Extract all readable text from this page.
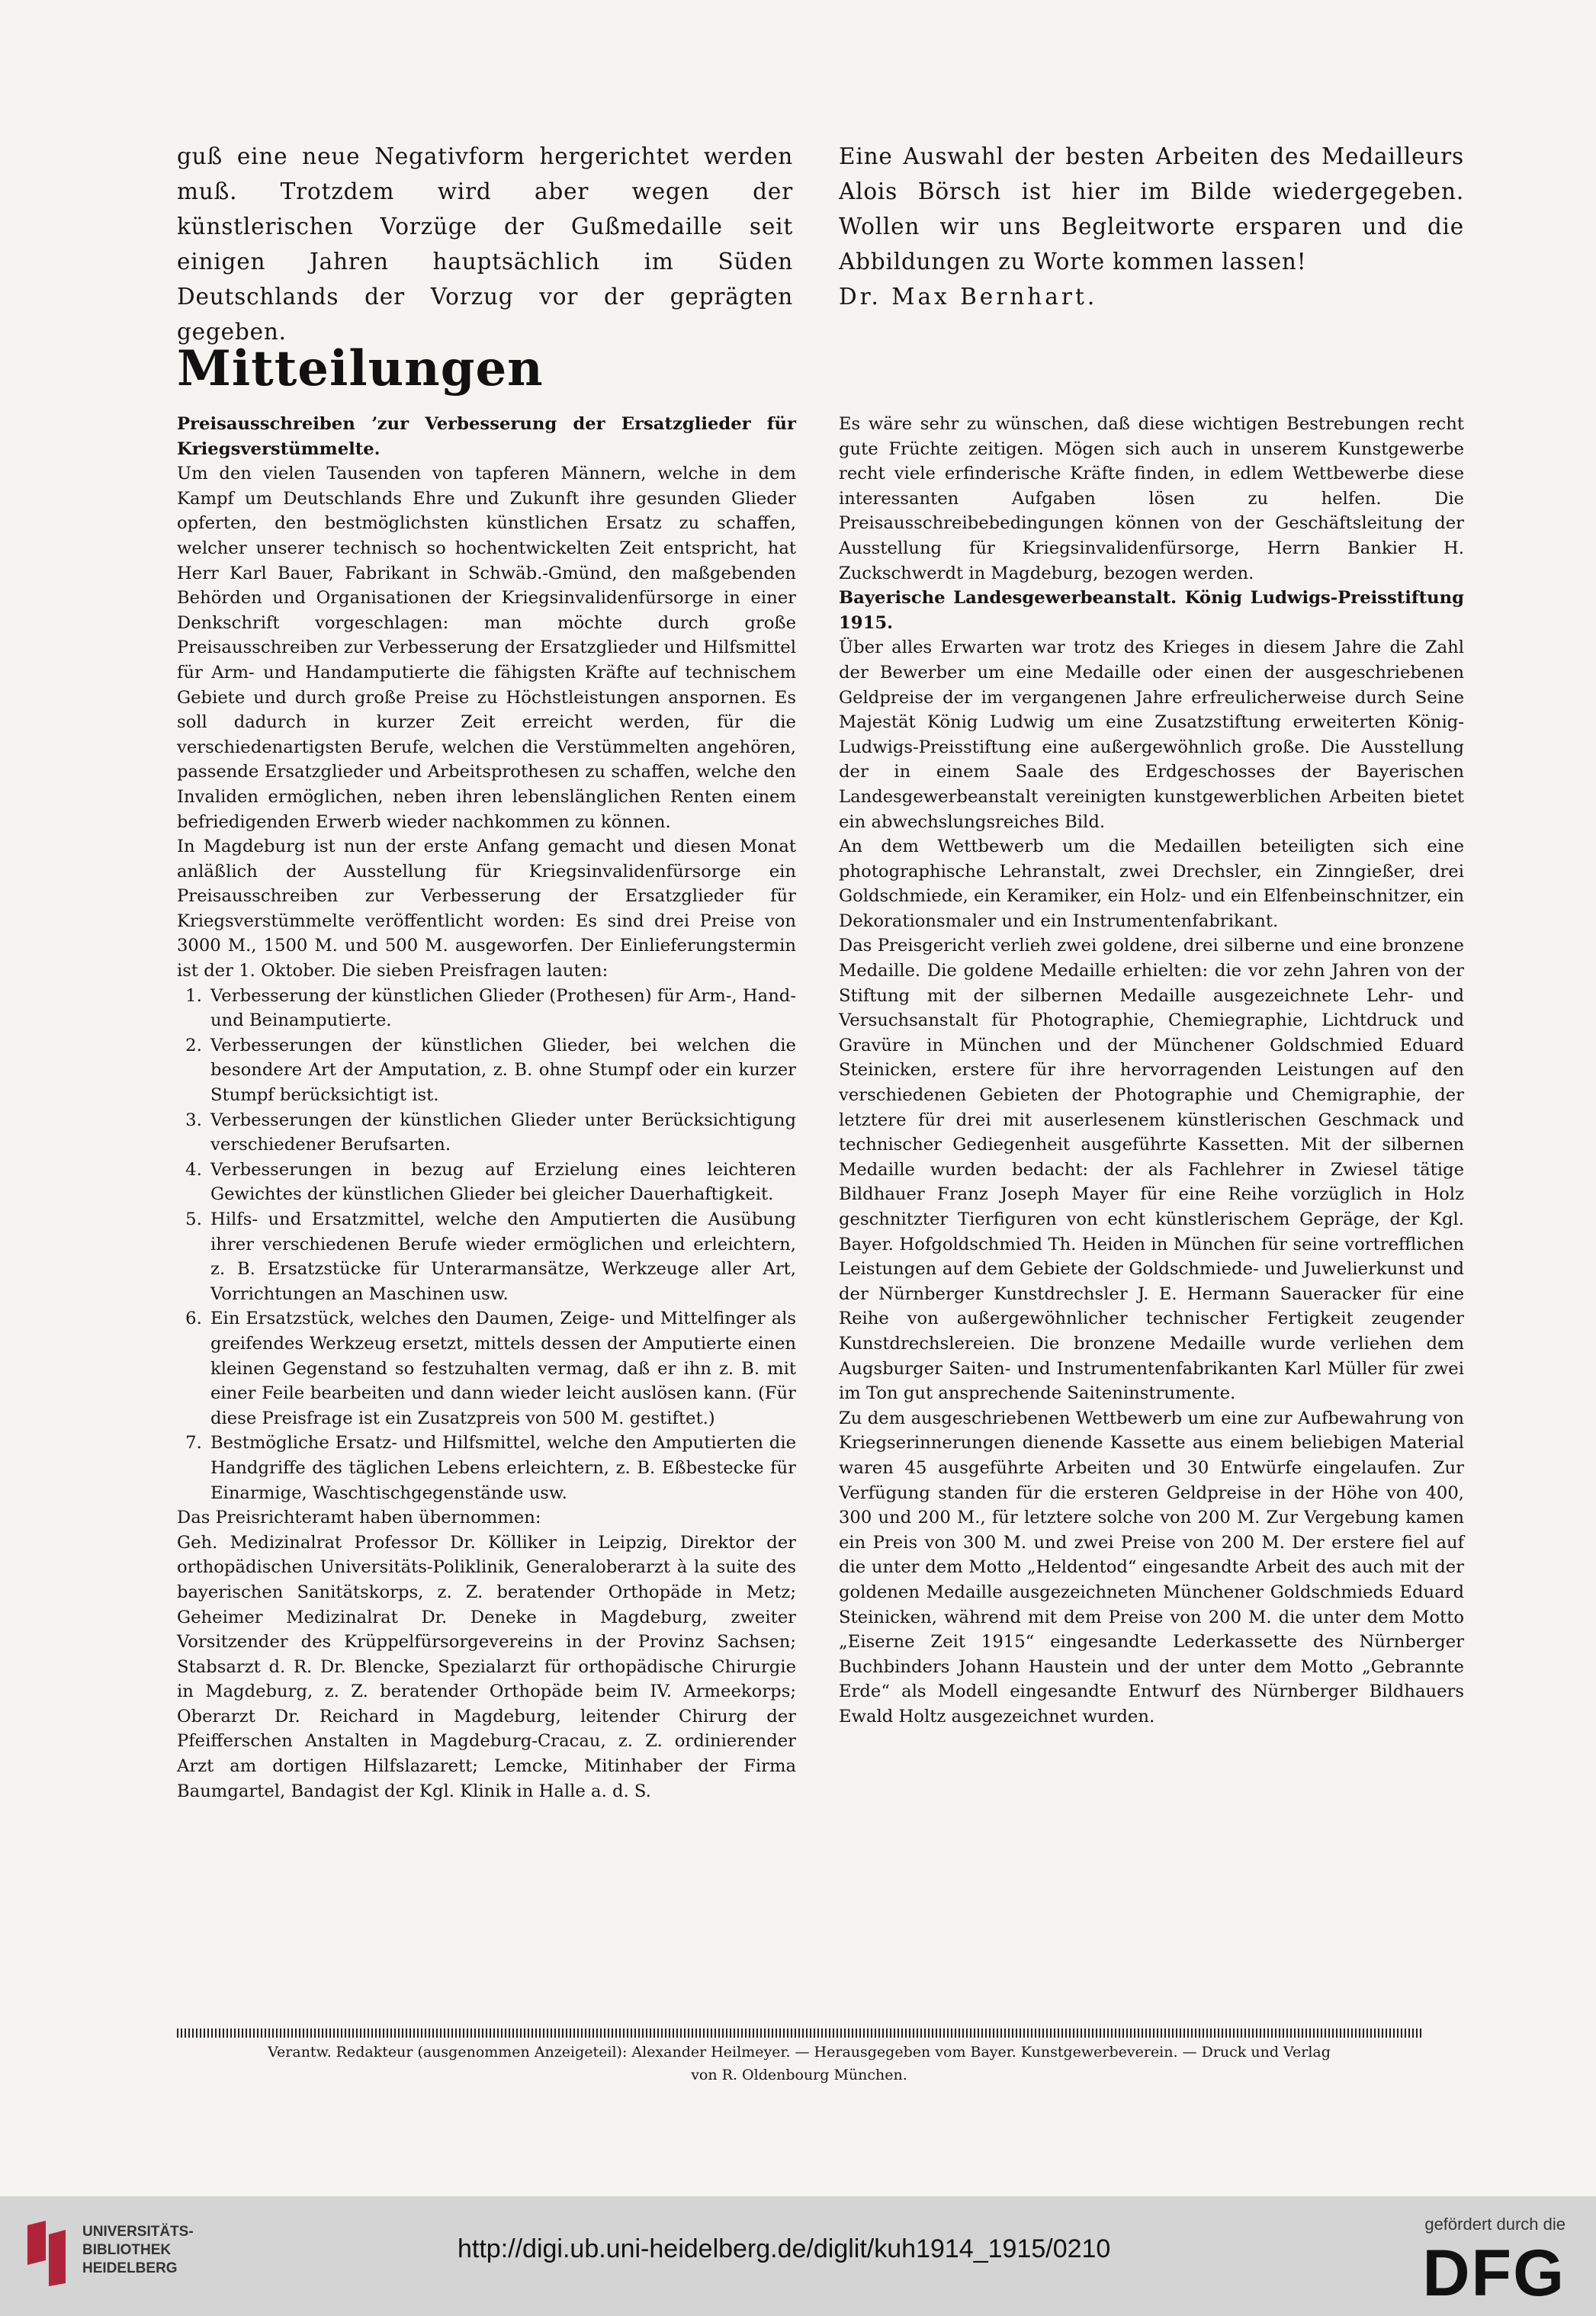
guß eine neue Negativform hergerichtet werden muß. Trotzdem wird aber wegen der künstlerischen Vorzüge der Gußmedaille seit einigen Jahren hauptsächlich im Süden Deutschlands der Vorzug vor der geprägten gegeben.

Eine Auswahl der besten Arbeiten des Medailleurs Alois Börsch ist hier im Bilde wiedergegeben. Wollen wir uns Begleitworte ersparen und die Abbildungen zu Worte kommen lassen!

Dr. Max Bernhart.

Mitteilungen

Preisausschreiben ʼzur Verbesserung der Ersatzglieder für Kriegsverstümmelte.

Um den vielen Tausenden von tapferen Männern, welche in dem Kampf um Deutschlands Ehre und Zukunft ihre gesunden Glieder opferten, den bestmöglichsten künstlichen Ersatz zu schaffen, welcher unserer technisch so hochentwickelten Zeit entspricht, hat Herr Karl Bauer, Fabrikant in Schwäb.-Gmünd, den maßgebenden Behörden und Organisationen der Kriegsinvalidenfürsorge in einer Denkschrift vorgeschlagen: man möchte durch große Preisausschreiben zur Verbesserung der Ersatzglieder und Hilfsmittel für Arm- und Handamputierte die fähigsten Kräfte auf technischem Gebiete und durch große Preise zu Höchstleistungen anspornen. Es soll dadurch in kurzer Zeit erreicht werden, für die verschiedenartigsten Berufe, welchen die Verstümmelten angehören, passende Ersatzglieder und Arbeitsprothesen zu schaffen, welche den Invaliden ermöglichen, neben ihren lebenslänglichen Renten einem befriedigenden Erwerb wieder nachkommen zu können.

In Magdeburg ist nun der erste Anfang gemacht und diesen Monat anläßlich der Ausstellung für Kriegsinvalidenfürsorge ein Preisausschreiben zur Verbesserung der Ersatzglieder für Kriegsverstümmelte veröffentlicht worden: Es sind drei Preise von 3000 M., 1500 M. und 500 M. ausgeworfen. Der Einlieferungstermin ist der 1. Oktober. Die sieben Preisfragen lauten:

1. Verbesserung der künstlichen Glieder (Prothesen) für Arm-, Hand- und Beinamputierte.
2. Verbesserungen der künstlichen Glieder, bei welchen die besondere Art der Amputation, z. B. ohne Stumpf oder ein kurzer Stumpf berücksichtigt ist.
3. Verbesserungen der künstlichen Glieder unter Berücksichtigung verschiedener Berufsarten.
4. Verbesserungen in bezug auf Erzielung eines leichteren Gewichtes der künstlichen Glieder bei gleicher Dauerhaftigkeit.
5. Hilfs- und Ersatzmittel, welche den Amputierten die Ausübung ihrer verschiedenen Berufe wieder ermöglichen und erleichtern, z. B. Ersatzstücke für Unterarmansätze, Werkzeuge aller Art, Vorrichtungen an Maschinen usw.
6. Ein Ersatzstück, welches den Daumen, Zeige- und Mittelfinger als greifendes Werkzeug ersetzt, mittels dessen der Amputierte einen kleinen Gegenstand so festzuhalten vermag, daß er ihn z. B. mit einer Feile bearbeiten und dann wieder leicht auslösen kann. (Für diese Preisfrage ist ein Zusatzpreis von 500 M. gestiftet.)
7. Bestmögliche Ersatz- und Hilfsmittel, welche den Amputierten die Handgriffe des täglichen Lebens erleichtern, z. B. Eßbestecke für Einarmige, Waschtischgegenstände usw.

Das Preisrichteramt haben übernommen:

Geh. Medizinalrat Professor Dr. Kölliker in Leipzig, Direktor der orthopädischen Universitäts-Poliklinik, Generaloberarzt à la suite des bayerischen Sanitätskorps, z. Z. beratender Orthopäde in Metz; Geheimer Medizinalrat Dr. Deneke in Magdeburg, zweiter Vorsitzender des Krüppelfürsorgevereins in der Provinz Sachsen; Stabsarzt d. R. Dr. Blencke, Spezialarzt für orthopädische Chirurgie in Magdeburg, z. Z. beratender Orthopäde beim IV. Armeekorps; Oberarzt Dr. Reichard in Magdeburg, leitender Chirurg der Pfeifferschen Anstalten in Magdeburg-Cracau, z. Z. ordinierender Arzt am dortigen Hilfslazarett; Lemcke, Mitinhaber der Firma Baumgartel, Bandagist der Kgl. Klinik in Halle a. d. S.

Es wäre sehr zu wünschen, daß diese wichtigen Bestrebungen recht gute Früchte zeitigen. Mögen sich auch in unserem Kunstgewerbe recht viele erfinderische Kräfte finden, in edlem Wettbewerbe diese interessanten Aufgaben lösen zu helfen. Die Preisausschreibebedingungen können von der Geschäftsleitung der Ausstellung für Kriegsinvalidenfürsorge, Herrn Bankier H. Zuckschwerdt in Magdeburg, bezogen werden.

Bayerische Landesgewerbeanstalt. König Ludwigs-Preisstiftung 1915.

Über alles Erwarten war trotz des Krieges in diesem Jahre die Zahl der Bewerber um eine Medaille oder einen der ausgeschriebenen Geldpreise der im vergangenen Jahre erfreulicherweise durch Seine Majestät König Ludwig um eine Zusatzstiftung erweiterten König-Ludwigs-Preisstiftung eine außergewöhnlich große. Die Ausstellung der in einem Saale des Erdgeschosses der Bayerischen Landesgewerbeanstalt vereinigten kunstgewerblichen Arbeiten bietet ein abwechslungsreiches Bild.

An dem Wettbewerb um die Medaillen beteiligten sich eine photographische Lehranstalt, zwei Drechsler, ein Zinngießer, drei Goldschmiede, ein Keramiker, ein Holz- und ein Elfenbeinschnitzer, ein Dekorationsmaler und ein Instrumentenfabrikant.

Das Preisgericht verlieh zwei goldene, drei silberne und eine bronzene Medaille. Die goldene Medaille erhielten: die vor zehn Jahren von der Stiftung mit der silbernen Medaille ausgezeichnete Lehr- und Versuchsanstalt für Photographie, Chemiegraphie, Lichtdruck und Gravüre in München und der Münchener Goldschmied Eduard Steinicken, erstere für ihre hervorragenden Leistungen auf den verschiedenen Gebieten der Photographie und Chemigraphie, der letztere für drei mit auserlesenem künstlerischen Geschmack und technischer Gediegenheit ausgeführte Kassetten. Mit der silbernen Medaille wurden bedacht: der als Fachlehrer in Zwiesel tätige Bildhauer Franz Joseph Mayer für eine Reihe vorzüglich in Holz geschnitzter Tierfiguren von echt künstlerischem Gepräge, der Kgl. Bayer. Hofgoldschmied Th. Heiden in München für seine vortrefflichen Leistungen auf dem Gebiete der Goldschmiede- und Juwelierkunst und der Nürnberger Kunstdrechsler J. E. Hermann Saueracker für eine Reihe von außergewöhnlicher technischer Fertigkeit zeugender Kunstdrechslereien. Die bronzene Medaille wurde verliehen dem Augsburger Saiten- und Instrumentenfabrikanten Karl Müller für zwei im Ton gut ansprechende Saiteninstrumente.

Zu dem ausgeschriebenen Wettbewerb um eine zur Aufbewahrung von Kriegserinnerungen dienende Kassette aus einem beliebigen Material waren 45 ausgeführte Arbeiten und 30 Entwürfe eingelaufen. Zur Verfügung standen für die ersteren Geldpreise in der Höhe von 400, 300 und 200 M., für letztere solche von 200 M. Zur Vergebung kamen ein Preis von 300 M. und zwei Preise von 200 M. Der erstere fiel auf die unter dem Motto „Heldentod“ eingesandte Arbeit des auch mit der goldenen Medaille ausgezeichneten Münchener Goldschmieds Eduard Steinicken, während mit dem Preise von 200 M. die unter dem Motto „Eiserne Zeit 1915“ eingesandte Lederkassette des Nürnberger Buchbinders Johann Haustein und der unter dem Motto „Gebrannte Erde“ als Modell eingesandte Entwurf des Nürnberger Bildhauers Ewald Holtz ausgezeichnet wurden.

Verantw. Redakteur (ausgenommen Anzeigeteil): Alexander Heilmeyer. — Herausgegeben vom Bayer. Kunstgewerbeverein. — Druck und Verlag
von R. Oldenbourg München.
UNIVERSITÄTS-
BIBLIOTHEK
HEIDELBERG
http://digi.ub.uni-heidelberg.de/diglit/kuh1914_1915/0210
gefördert durch die
DFG
